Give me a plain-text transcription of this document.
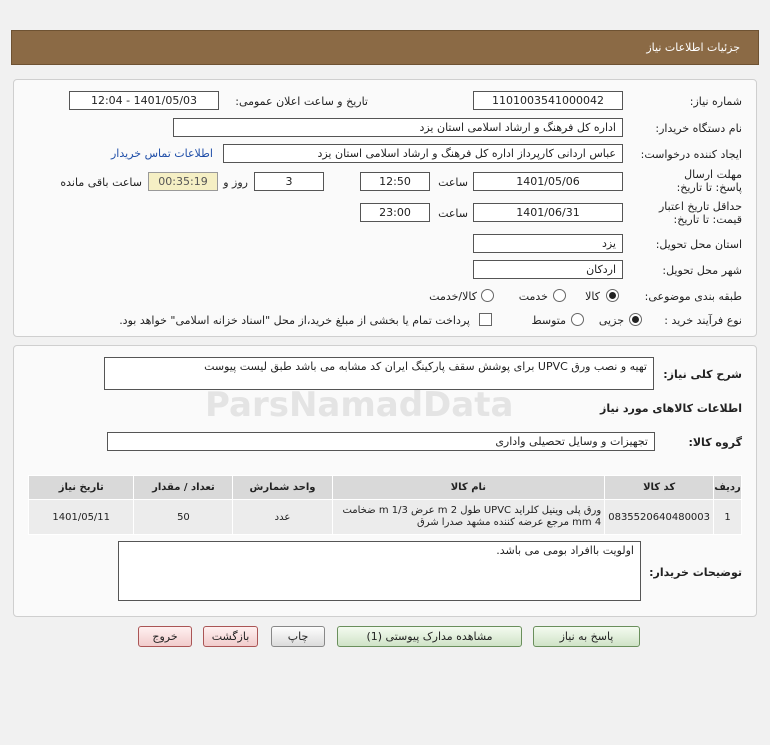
جزئیات اطلاعات نیاز
شماره نیاز:
1101003541000042
تاریخ و ساعت اعلان عمومی:
1401/05/03 - 12:04
نام دستگاه خریدار:
اداره کل فرهنگ و ارشاد اسلامی استان یزد
ایجاد کننده درخواست:
عباس اردانی کارپرداز اداره کل فرهنگ و ارشاد اسلامی استان یزد
اطلاعات تماس خریدار
مهلت ارسال پاسخ: تا تاریخ:
1401/05/06
ساعت
12:50
3
روز و
00:35:19
ساعت باقی مانده
حداقل تاریخ اعتبار قیمت: تا تاریخ:
1401/06/31
ساعت
23:00
استان محل تحویل:
یزد
شهر محل تحویل:
اردکان
طبقه بندی موضوعی:
کالا
خدمت
کالا/خدمت
نوع فرآیند خرید :
جزیی
متوسط
پرداخت تمام یا بخشی از مبلغ خرید،از محل "اسناد خزانه اسلامی" خواهد بود.
شرح کلی نیاز:
تهیه و نصب ورق UPVC برای پوشش سقف پارکینگ ایران کد مشابه می باشد طبق لیست پیوست
اطلاعات کالاهای مورد نیاز
گروه کالا:
تجهیزات و وسایل تحصیلی واداری
ردیف	کد کالا	نام کالا	واحد شمارش	تعداد / مقدار	تاریخ نیاز
1	0835520640480003	ورق پلی وینیل کلراید UPVC طول 2 m عرض 1/3 m ضخامت 4 mm مرجع عرضه کننده مشهد صدرا شرق	عدد	50	1401/05/11
توضیحات خریدار:
اولویت باافراد بومی می باشد.
ParsNamadData
پاسخ به نیاز
مشاهده مدارک پیوستی (1)
چاپ
بازگشت
خروج
